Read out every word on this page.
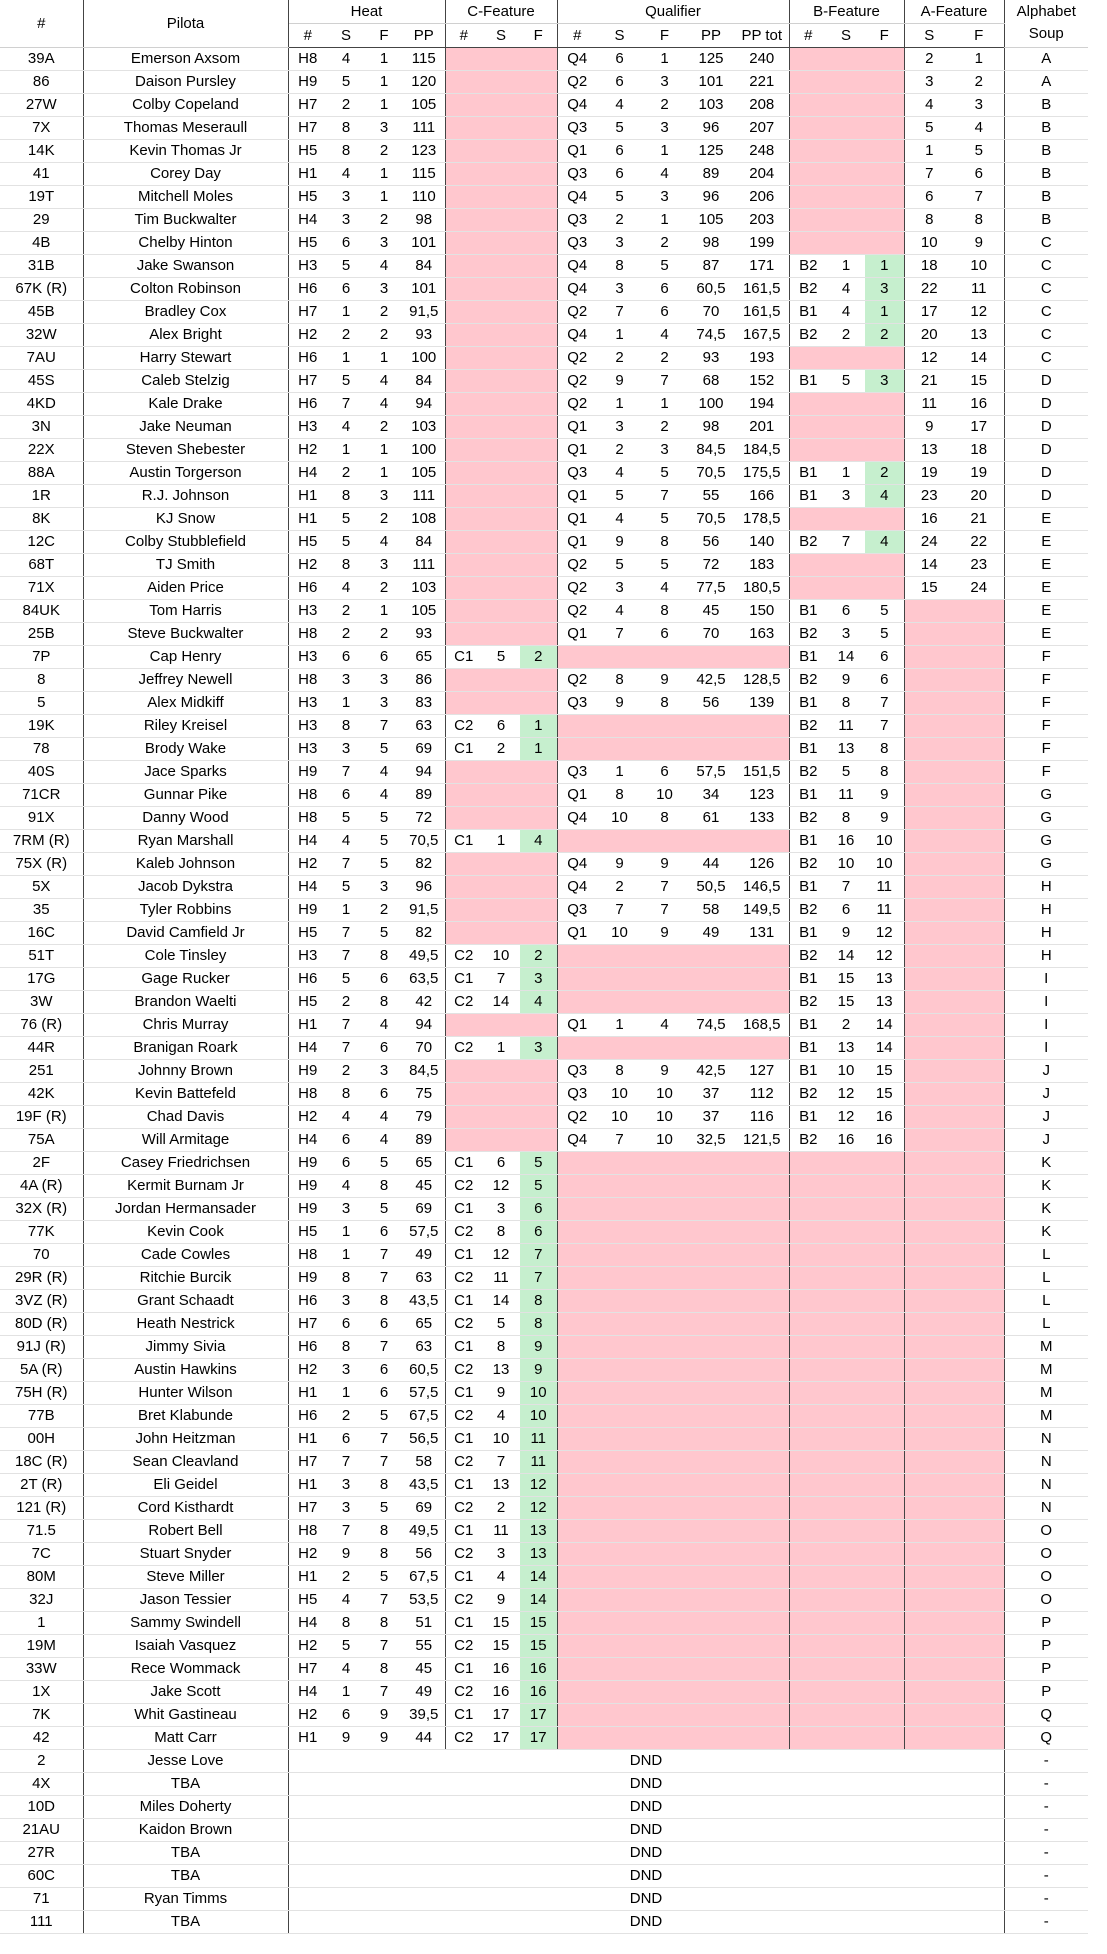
#	Pilota	Heat				C-Feature			Qualifier					B-Feature			A-Feature		Alphabet Soup
		#	S	F	PP	#	S	F	#	S	F	PP	PP tot	#	S	F	S	F	
39A	Emerson Axsom	H8	4	1	115				Q4	6	1	125	240				2	1	A
86	Daison Pursley	H9	5	1	120				Q2	6	3	101	221				3	2	A
27W	Colby Copeland	H7	2	1	105				Q4	4	2	103	208				4	3	B
7X	Thomas Meseraull	H7	8	3	111				Q3	5	3	96	207				5	4	B
14K	Kevin Thomas Jr	H5	8	2	123				Q1	6	1	125	248				1	5	B
41	Corey Day	H1	4	1	115				Q3	6	4	89	204				7	6	B
19T	Mitchell Moles	H5	3	1	110				Q4	5	3	96	206				6	7	B
29	Tim Buckwalter	H4	3	2	98				Q3	2	1	105	203				8	8	B
4B	Chelby Hinton	H5	6	3	101				Q3	3	2	98	199				10	9	C
31B	Jake Swanson	H3	5	4	84				Q4	8	5	87	171	B2	1	1	18	10	C
67K (R)	Colton Robinson	H6	6	3	101				Q4	3	6	60,5	161,5	B2	4	3	22	11	C
45B	Bradley Cox	H7	1	2	91,5				Q2	7	6	70	161,5	B1	4	1	17	12	C
32W	Alex Bright	H2	2	2	93				Q4	1	4	74,5	167,5	B2	2	2	20	13	C
7AU	Harry Stewart	H6	1	1	100				Q2	2	2	93	193				12	14	C
45S	Caleb Stelzig	H7	5	4	84				Q2	9	7	68	152	B1	5	3	21	15	D
4KD	Kale Drake	H6	7	4	94				Q2	1	1	100	194				11	16	D
3N	Jake Neuman	H3	4	2	103				Q1	3	2	98	201				9	17	D
22X	Steven Shebester	H2	1	1	100				Q1	2	3	84,5	184,5				13	18	D
88A	Austin Torgerson	H4	2	1	105				Q3	4	5	70,5	175,5	B1	1	2	19	19	D
1R	R.J. Johnson	H1	8	3	111				Q1	5	7	55	166	B1	3	4	23	20	D
8K	KJ Snow	H1	5	2	108				Q1	4	5	70,5	178,5				16	21	E
12C	Colby Stubblefield	H5	5	4	84				Q1	9	8	56	140	B2	7	4	24	22	E
68T	TJ Smith	H2	8	3	111				Q2	5	5	72	183				14	23	E
71X	Aiden Price	H6	4	2	103				Q2	3	4	77,5	180,5				15	24	E
84UK	Tom Harris	H3	2	1	105				Q2	4	8	45	150	B1	6	5			E
25B	Steve Buckwalter	H8	2	2	93				Q1	7	6	70	163	B2	3	5			E
7P	Cap Henry	H3	6	6	65	C1	5	2						B1	14	6			F
8	Jeffrey Newell	H8	3	3	86				Q2	8	9	42,5	128,5	B2	9	6			F
5	Alex Midkiff	H3	1	3	83				Q3	9	8	56	139	B1	8	7			F
19K	Riley Kreisel	H3	8	7	63	C2	6	1						B2	11	7			F
78	Brody Wake	H3	3	5	69	C1	2	1						B1	13	8			F
40S	Jace Sparks	H9	7	4	94				Q3	1	6	57,5	151,5	B2	5	8			F
71CR	Gunnar Pike	H8	6	4	89				Q1	8	10	34	123	B1	11	9			G
91X	Danny Wood	H8	5	5	72				Q4	10	8	61	133	B2	8	9			G
7RM (R)	Ryan Marshall	H4	4	5	70,5	C1	1	4						B1	16	10			G
75X (R)	Kaleb Johnson	H2	7	5	82				Q4	9	9	44	126	B2	10	10			G
5X	Jacob Dykstra	H4	5	3	96				Q4	2	7	50,5	146,5	B1	7	11			H
35	Tyler Robbins	H9	1	2	91,5				Q3	7	7	58	149,5	B2	6	11			H
16C	David Camfield Jr	H5	7	5	82				Q1	10	9	49	131	B1	9	12			H
51T	Cole Tinsley	H3	7	8	49,5	C2	10	2						B2	14	12			H
17G	Gage Rucker	H6	5	6	63,5	C1	7	3						B1	15	13			I
3W	Brandon Waelti	H5	2	8	42	C2	14	4						B2	15	13			I
76 (R)	Chris Murray	H1	7	4	94				Q1	1	4	74,5	168,5	B1	2	14			I
44R	Branigan Roark	H4	7	6	70	C2	1	3						B1	13	14			I
251	Johnny Brown	H9	2	3	84,5				Q3	8	9	42,5	127	B1	10	15			J
42K	Kevin Battefeld	H8	8	6	75				Q3	10	10	37	112	B2	12	15			J
19F (R)	Chad Davis	H2	4	4	79				Q2	10	10	37	116	B1	12	16			J
75A	Will Armitage	H4	6	4	89				Q4	7	10	32,5	121,5	B2	16	16			J
2F	Casey Friedrichsen	H9	6	5	65	C1	6	5											K
4A (R)	Kermit Burnam Jr	H9	4	8	45	C2	12	5											K
32X (R)	Jordan Hermansader	H9	3	5	69	C1	3	6											K
77K	Kevin Cook	H5	1	6	57,5	C2	8	6											K
70	Cade Cowles	H8	1	7	49	C1	12	7											L
29R (R)	Ritchie Burcik	H9	8	7	63	C2	11	7											L
3VZ (R)	Grant Schaadt	H6	3	8	43,5	C1	14	8											L
80D (R)	Heath Nestrick	H7	6	6	65	C2	5	8											L
91J (R)	Jimmy Sivia	H6	8	7	63	C1	8	9											M
5A (R)	Austin Hawkins	H2	3	6	60,5	C2	13	9											M
75H (R)	Hunter Wilson	H1	1	6	57,5	C1	9	10											M
77B	Bret Klabunde	H6	2	5	67,5	C2	4	10											M
00H	John Heitzman	H1	6	7	56,5	C1	10	11											N
18C (R)	Sean Cleavland	H7	7	7	58	C2	7	11											N
2T (R)	Eli Geidel	H1	3	8	43,5	C1	13	12											N
121 (R)	Cord Kisthardt	H7	3	5	69	C2	2	12											N
71.5	Robert Bell	H8	7	8	49,5	C1	11	13											O
7C	Stuart Snyder	H2	9	8	56	C2	3	13											O
80M	Steve Miller	H1	2	5	67,5	C1	4	14											O
32J	Jason Tessier	H5	4	7	53,5	C2	9	14											O
1	Sammy Swindell	H4	8	8	51	C1	15	15											P
19M	Isaiah Vasquez	H2	5	7	55	C2	15	15											P
33W	Rece Wommack	H7	4	8	45	C1	16	16											P
1X	Jake Scott	H4	1	7	49	C2	16	16											P
7K	Whit Gastineau	H2	6	9	39,5	C1	17	17											Q
42	Matt Carr	H1	9	9	44	C2	17	17											Q
2	Jesse Love	DND																	-
4X	TBA	DND																	-
10D	Miles Doherty	DND																	-
21AU	Kaidon Brown	DND																	-
27R	TBA	DND																	-
60C	TBA	DND																	-
71	Ryan Timms	DND																	-
111	TBA	DND																	-
